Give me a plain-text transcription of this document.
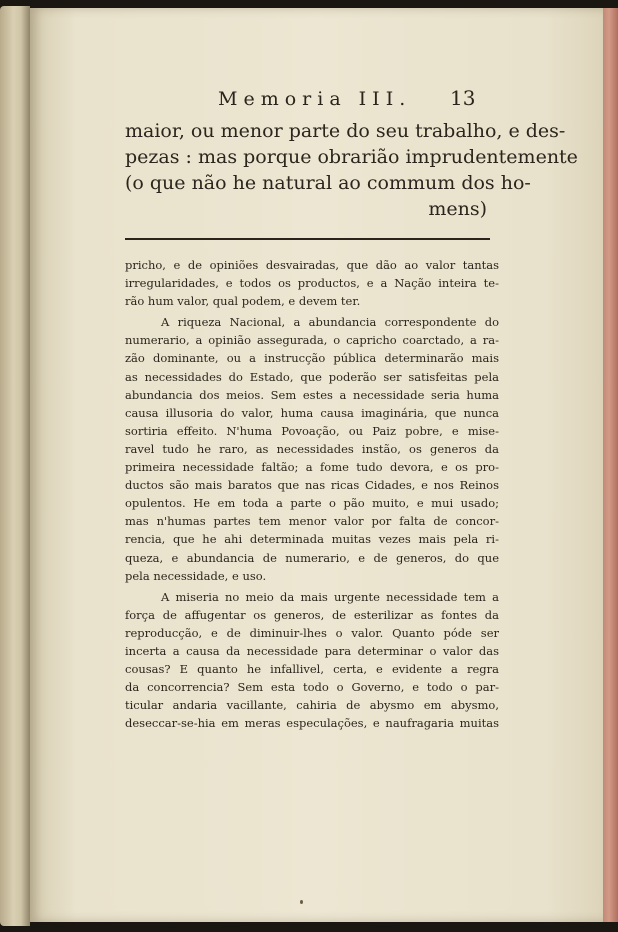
Memoria III. 13
maior, ou menor parte do seu trabalho, e des-
pezas : mas porque obrarião imprudentemente
(o que não he natural ao commum dos ho-
mens)
pricho, e de opiniões desvairadas, que dão ao valor tantas
irregularidades, e todos os productos, e a Nação inteira te-
rão hum valor, qual podem, e devem ter.
A riqueza Nacional, a abundancia correspondente do
numerario, a opinião assegurada, o capricho coarctado, a ra-
zão dominante, ou a instrucção pública determinarão mais
as necessidades do Estado, que poderão ser satisfeitas pela
abundancia dos meios. Sem estes a necessidade seria huma
causa illusoria do valor, huma causa imaginária, que nunca
sortiria effeito. N'huma Povoação, ou Paiz pobre, e mise-
ravel tudo he raro, as necessidades instão, os generos da
primeira necessidade faltão; a fome tudo devora, e os pro-
ductos são mais baratos que nas ricas Cidades, e nos Reinos
opulentos. He em toda a parte o pão muito, e mui usado;
mas n'humas partes tem menor valor por falta de concor-
rencia, que he ahi determinada muitas vezes mais pela ri-
queza, e abundancia de numerario, e de generos, do que
pela necessidade, e uso.
A miseria no meio da mais urgente necessidade tem a
força de affugentar os generos, de esterilizar as fontes da
reproducção, e de diminuir-lhes o valor. Quanto póde ser
incerta a causa da necessidade para determinar o valor das
cousas? E quanto he infallivel, certa, e evidente a regra
da concorrencia? Sem esta todo o Governo, e todo o par-
ticular andaria vacillante, cahiria de abysmo em abysmo,
deseccar-se-hia em meras especulações, e naufragaria muitas
